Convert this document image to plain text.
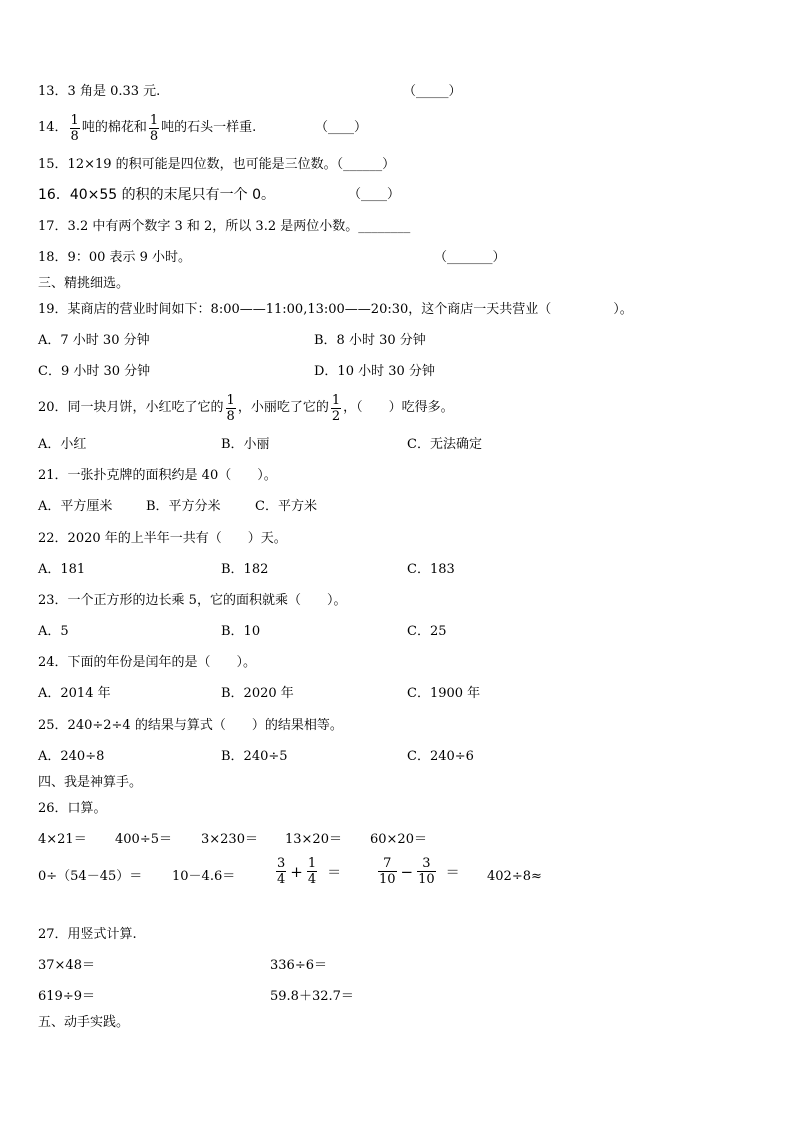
13．3 角是 0.33 元.	（_____）
14． $\frac{1}{8}$ 吨的棉花和 $\frac{1}{8}$ 吨的石头一样重.	（____）
15．12×19 的积可能是四位数，也可能是三位数。（______）
16．40×55 的积的末尾只有一个 0。	（____）
17．3.2 中有两个数字 3 和 2，所以 3.2 是两位小数。________
18．9：00 表示 9 小时。	（_______）
三、精挑细选。
19．某商店的营业时间如下：8:00——11:00,13:00——20:30，这个商店一天共营业（	）。
A．7 小时 30 分钟	B．8 小时 30 分钟
C．9 小时 30 分钟	D．10 小时 30 分钟
20．同一块月饼，小红吃了它的 $\frac{1}{8}$ ，小丽吃了它的 $\frac{1}{2}$ ，（　　）吃得多。
A．小红	B．小丽	C．无法确定
21．一张扑克牌的面积约是 40（　　）。
A．平方厘米	B．平方分米	C．平方米
22．2020 年的上半年一共有（　　）天。
A．181	B．182	C．183
23．一个正方形的边长乘 5，它的面积就乘（　　）。
A．5	B．10	C．25
24．下面的年份是闰年的是（　　）。
A．2014 年	B．2020 年	C．1900 年
25．240÷2÷4 的结果与算式（　　）的结果相等。
A．240÷8	B．240÷5	C．240÷6
四、我是神算手。
26．口算。
4×21＝ 400÷5＝ 3×230＝ 13×20＝ 60×20＝
0÷（54－45）＝ 10－4.6＝	$\frac{3}{4} + \frac{1}{4}$ ＝	$\frac{7}{10} - \frac{3}{10} = 402\div 8\approx$
27．用竖式计算.
37×48＝	336÷6＝
619÷9＝	59.8＋32.7＝
五、动手实践。
